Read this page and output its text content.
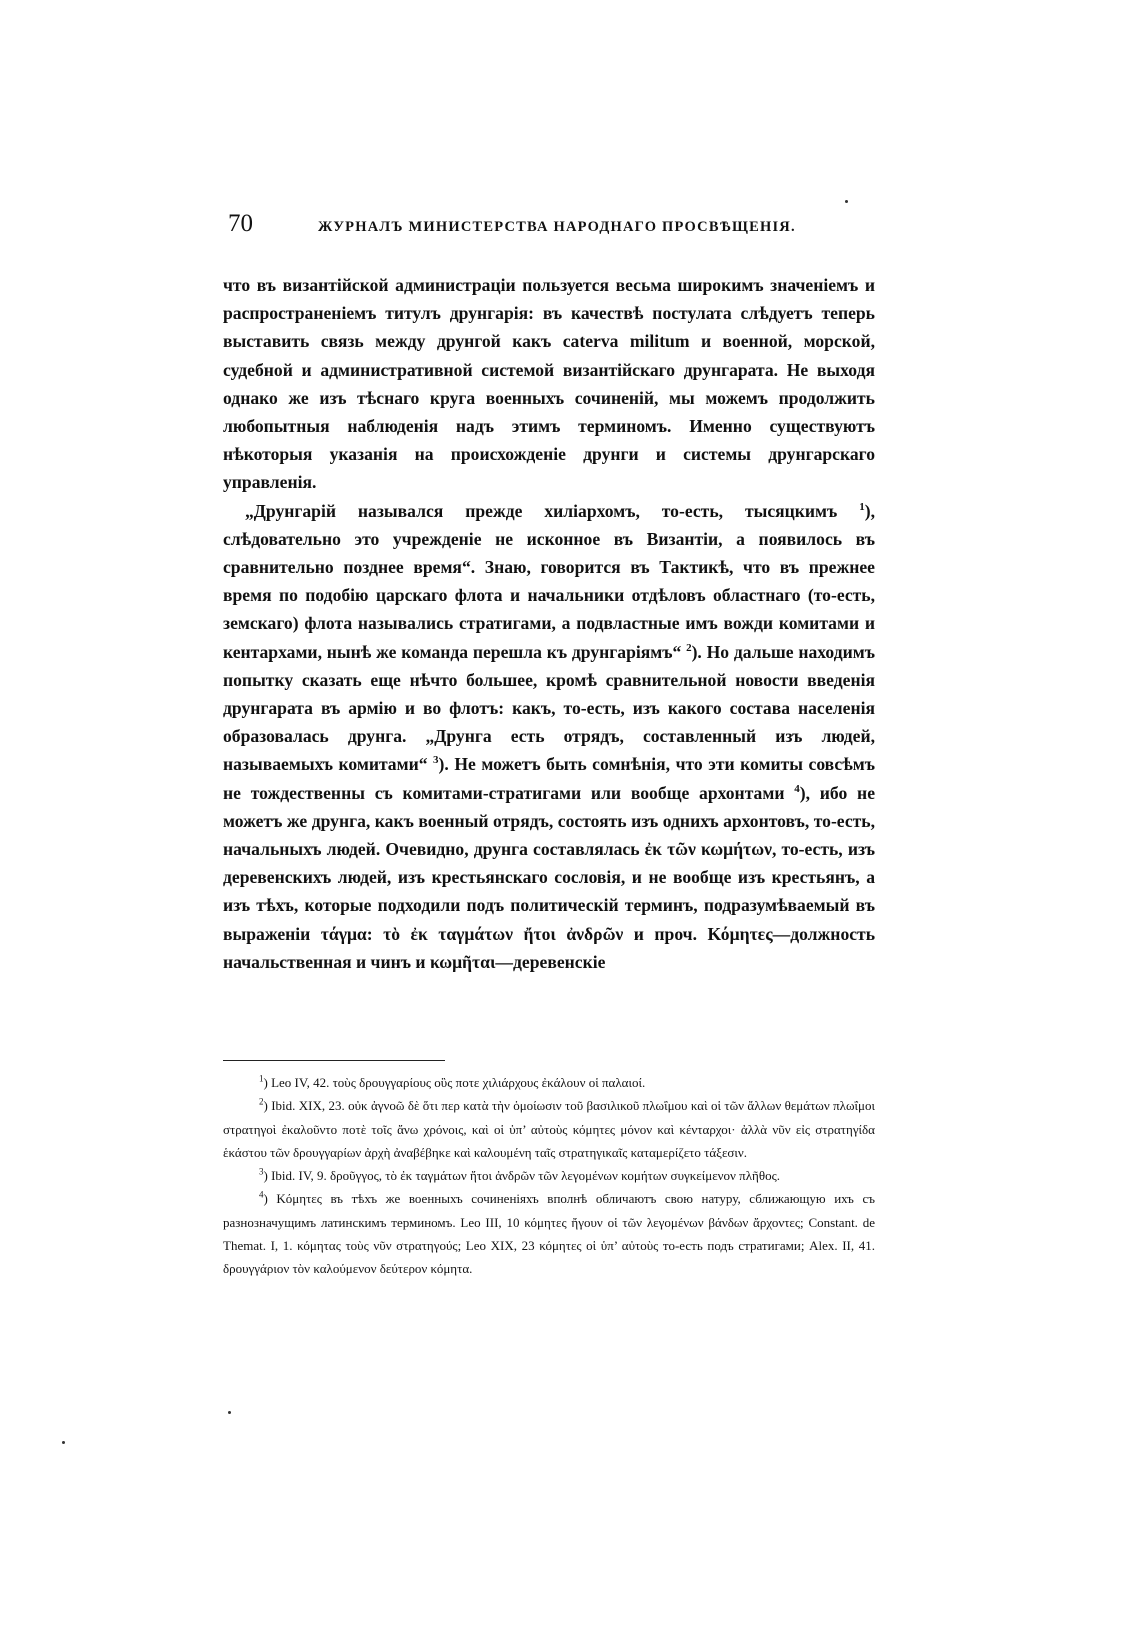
70	ЖУРНАЛЪ МИНИСТЕРСТВА НАРОДНАГО ПРОСВѢЩЕНІЯ.

что въ византійской администраціи пользуется весьма широкимъ значеніемъ и распространеніемъ титулъ друнгарія: въ качествѣ постулата слѣдуетъ теперь выставить связь между друнгой какъ caterva militum и военной, морской, судебной и административной системой византійскаго друнгарата. Не выходя однако же изъ тѣснаго круга военныхъ сочиненій, мы можемъ продолжить любопытныя наблюденія надъ этимъ терминомъ. Именно существуютъ нѣкоторыя указанія на происхожденіе друнги и системы друнгарскаго управленія.

„Друнгарій назывался прежде хиліархомъ, то-есть, тысяцкимъ $^1$), слѣдовательно это учрежденіе не исконное въ Византіи, а появилось въ сравнительно позднее время“. Знаю, говорится въ Тактикѣ, что въ прежнее время по подобію царскаго флота и начальники отдѣловъ областнаго (то-есть, земскаго) флота назывались стратигами, а подвластные имъ вожди комитами и кентархами, нынѣ же команда перешла къ друнгаріямъ“ $^2$). Но дальше находимъ попытку сказать еще нѣчто большее, кромѣ сравнительной новости введенія друнгарата въ армію и во флотъ: какъ, то-есть, изъ какого состава населенія образовалась друнга. „Друнга есть отрядъ, составленный изъ людей, называемыхъ комитами“ $^3$). Не можетъ быть сомнѣнія, что эти комиты совсѣмъ не тождественны съ комитами-стратигами или вообще архонтами $^4$), ибо не можетъ же друнга, какъ военный отрядъ, состоять изъ однихъ архонтовъ, то-есть, начальныхъ людей. Очевидно, друнга составлялась ἐκ τῶν κωμήτων, то-есть, изъ деревенскихъ людей, изъ крестьянскаго сословія, и не вообще изъ крестьянъ, а изъ тѣхъ, которые подходили подъ политическій терминъ, подразумѣваемый въ выраженіи τάγμα: τὸ ἐκ ταγμάτων ἤτοι ἀνδρῶν и проч. Κόμητες—должность начальственная и чинъ и κωμῆται—деревенскіе

$^1$) Leo IV, 42. τοὺς δρουγγαρίους οὓς ποτε χιλιάρχους ἐκάλουν οἱ παλαιοί.

$^2$) Ibid. XIX, 23. οὐκ ἀγνοῶ δὲ ὅτι περ κατὰ τὴν ὁμοίωσιν τοῦ βασιλικοῦ πλωΐμου καὶ οἱ τῶν ἄλλων θεμάτων πλωΐμοι στρατηγοὶ ἐκαλοῦντο ποτὲ τοῖς ἄνω χρόνοις, καὶ οἱ ὑπ’ αὐτοὺς κόμητες μόνον καὶ κένταρχοι· ἀλλὰ νῦν εἰς στρατηγίδα ἑκάστου τῶν δρουγγαρίων ἀρχὴ ἀναβέβηκε καὶ καλουμένη ταῖς στρατηγικαῖς καταμερίζετο τάξεσιν.

$^3$) Ibid. IV, 9. δροῦγγος, τὸ ἐκ ταγμάτων ἤτοι ἀνδρῶν τῶν λεγομένων κομήτων συγκείμενον πλῆθος.

$^4$) Κόμητες въ тѣхъ же военныхъ сочиненіяхъ вполнѣ обличаютъ свою натуру, сближающую ихъ съ разнозначущимъ латинскимъ терминомъ. Leo III, 10 κόμητες ἤγουν οἱ τῶν λεγομένων βάνδων ἄρχοντες; Constant. de Themat. I, 1. κόμητας τοὺς νῦν στρατηγούς; Leo XIX, 23 κόμητες οἱ ὑπ’ αὐτοὺς то-есть подъ стратигами; Alex. II, 41. δρουγγάριον τὸν καλούμενον δεύτερον κόμητα.
